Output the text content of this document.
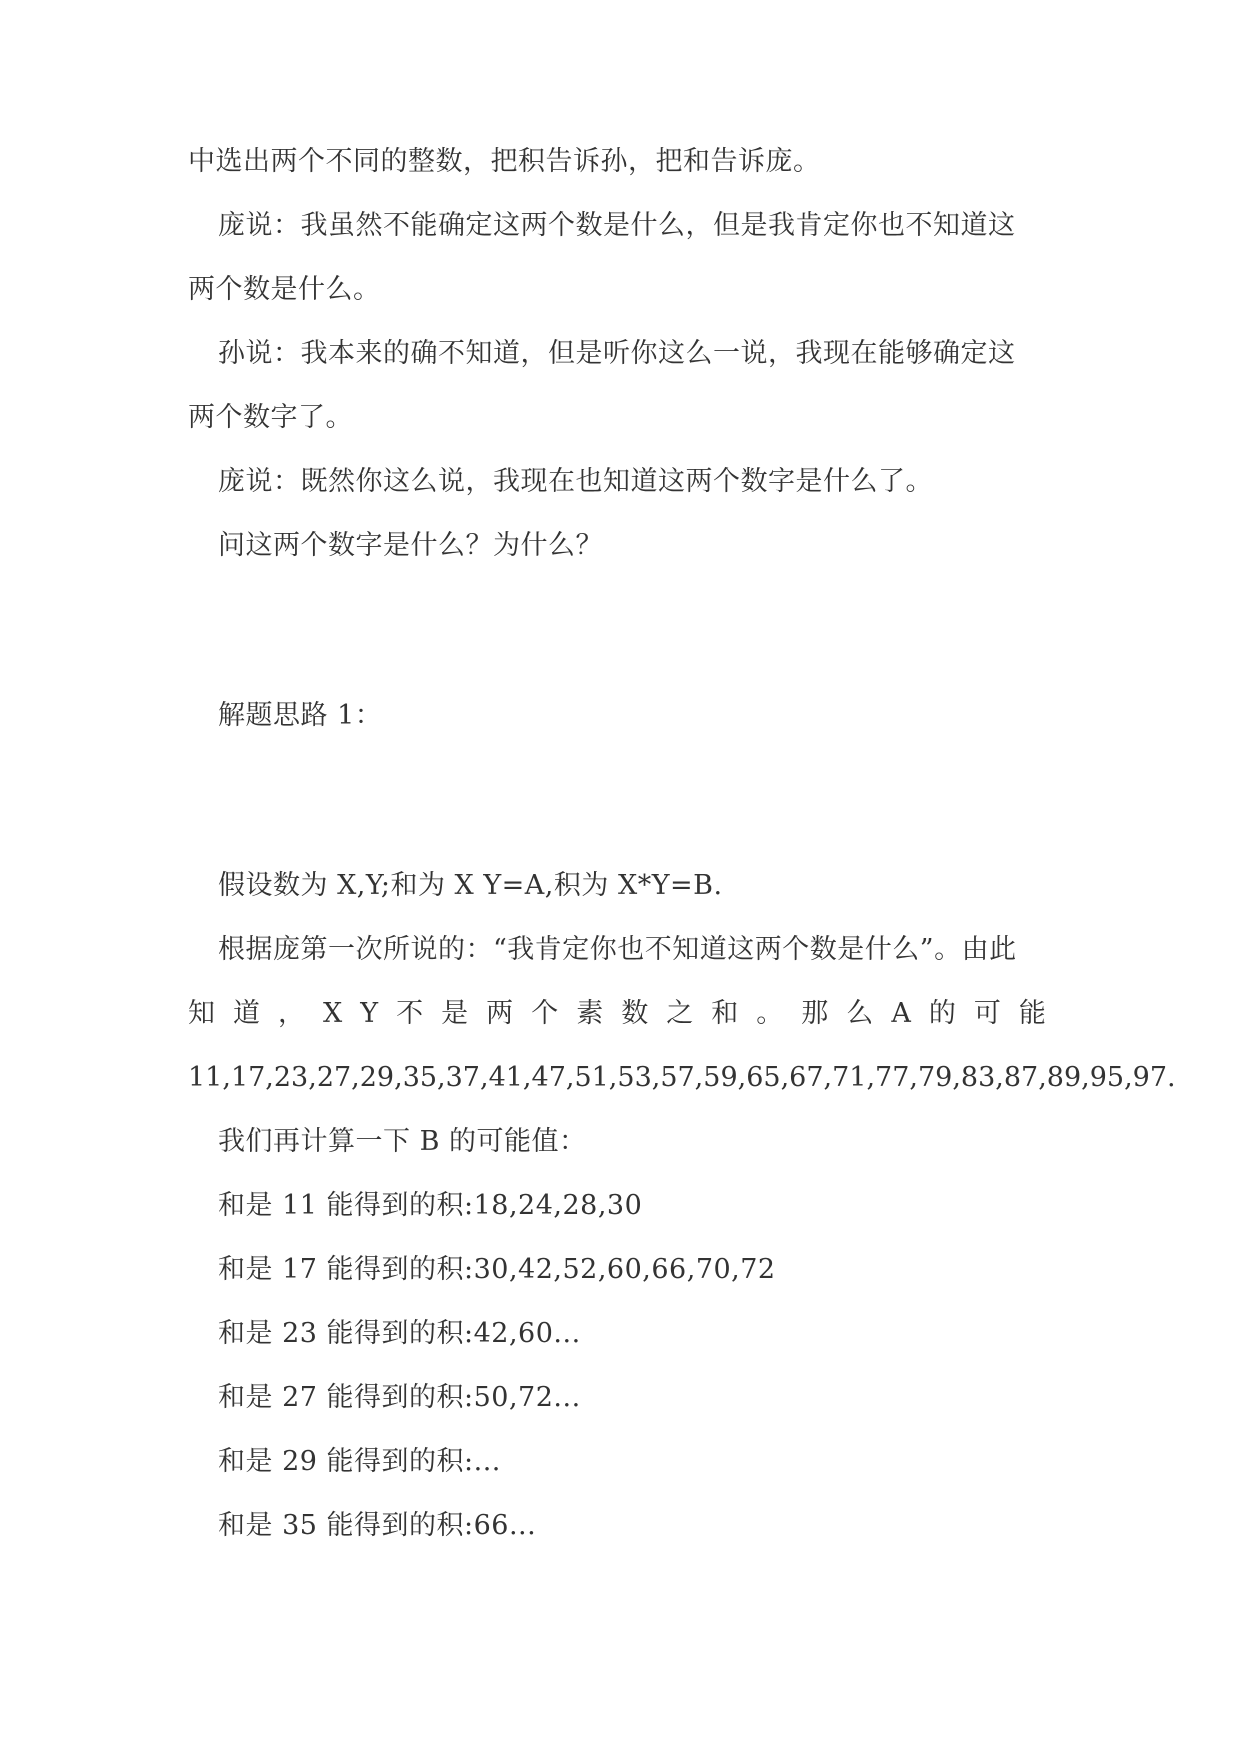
中选出两个不同的整数，把积告诉孙，把和告诉庞。
庞说：我虽然不能确定这两个数是什么，但是我肯定你也不知道这
两个数是什么。
孙说：我本来的确不知道，但是听你这么一说，我现在能够确定这
两个数字了。
庞说：既然你这么说，我现在也知道这两个数字是什么了。
问这两个数字是什么？为什么？
解题思路 1：
假设数为 X,Y;和为 X Y=A,积为 X*Y=B.
根据庞第一次所说的：“我肯定你也不知道这两个数是什么”。由此
知 道 ， X Y 不 是 两 个 素 数 之 和 。 那 么 A 的 可 能
11,17,23,27,29,35,37,41,47,51,53,57,59,65,67,71,77,79,83,87,89,95,97.
我们再计算一下 B 的可能值：
和是 11 能得到的积:18,24,28,30
和是 17 能得到的积:30,42,52,60,66,70,72
和是 23 能得到的积:42,60...
和是 27 能得到的积:50,72...
和是 29 能得到的积:...
和是 35 能得到的积:66...
